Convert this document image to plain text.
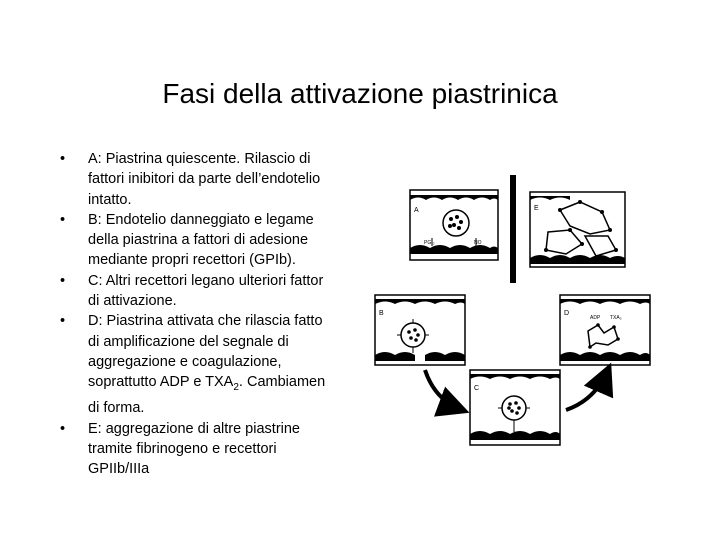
Fasi della attivazione piastrinica
• A: Piastrina quiescente. Rilascio di
fattori inibitori da parte dell’endotelio
intatto.
• B: Endotelio danneggiato e legame
della piastrina a fattori di adesione
mediante propri recettori (GPIb).
• C: Altri recettori legano ulteriori fattor
di attivazione.
• D: Piastrina attivata che rilascia fatto
di amplificazione del segnale di
aggregazione e coagulazione,
soprattutto ADP e $TXA_2$. Cambiamen
di forma.
• E: aggregazione di altre piastrine
tramite fibrinogeno e recettori
GPIIb/IIIa
A
PGI₂	NO
E
B	D
ADP TXA₂
C
